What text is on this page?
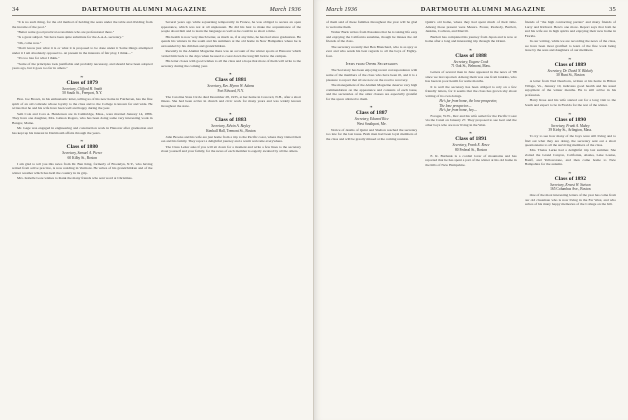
34	DARTMOUTH ALUMNI MAGAZINE	March 1936

"It is no such thing, for the old method of holding the seats under the table and dividing from the income of the pool."

"Better some good practical economists who are professional there."

"Is a great subject. We have been quite substitute for the A.A.A. secretary."

"Oh, come now."

"Don't know just what it is or what it is proposed to be done under it Some things attempted under it I am absolutely opposed to. At present in the interests of fair play, I think—"

"It's too late for what I think."

"Some of the principles look justifiable and probably necessary, and should have been adopted years ago, but it goes too far in others."

❧
Class of 1879
Secretary, Clifford H. Smith
50 South St., Freeport, N.Y.

Hon. Joe Brown, in his enthusiastic letter, telling us of his new home in Fairhaven, has the fine spirit of an old comrade whose loyalty to the class and to the College is known far and wide. He writes that he and his wife have been well and happy during the year.

Seth Cole and Cora A. Henderson are in Cambridge, Mass., were married January 14, 1886. They have one daughter, Mrs. Gideon Rogers, who has been doing some very interesting work in Bangor, Maine.

Mr. Gage was engaged in engineering and construction work in Hanover after graduation and has kept up his interest in Dartmouth affairs through the years.

❧
Class of 1880
Secretary, Samuel A. Pierce
60 Kilby St., Boston

I am glad to tell you this news from Dr. Ben King, formerly of Brooklyn, N.Y., who having retired from active practice, is now residing in Vermont. He writes of his grandchildren and of the winter weather which has held the country in its grip.

Mrs. Isabelle Gore wishes to thank the many friends who sent word at Christmas.

Several years ago while sojourning temporarily in France, he was obliged to secure an open appearance, which was not at all unpleasant. He did his best to make the acquaintance of the people about him and to learn the language as well as he could in so short a time.

His health is now very much better, as much as, if at any time, he has had since graduation. He spends his winters in the south and his summers at the old home in New Hampshire where he is surrounded by his children and grandchildren.

Recently in the Alumni Magazine there was an account of the winter sports at Hanover which carried him back to the days when he used to coast down the long hill below the campus.

His letter closes with good wishes to all the class and a hope that more of them will write to the secretary during the coming year.

❧
Class of 1881
Secretary, Rev. Myron W. Adams
Fort Edward, N.Y.

The Carolina State Circle died December 28, 1935, at her home in Concord, N.H., after a short illness. She had been active in church and civic work for many years and was widely known throughout the state.

❧
Class of 1883
Secretary, Edwin A. Bayley
Kimball Hall, Tremont St., Boston

John Brooks and his wife are just home from a trip to the Pacific coast, where they visited their son and his family. They report a delightful journey and a warm welcome everywhere.

The Class Letter asks if you will sit down for a moment and write a few lines to the secretary about yourself and your family, for the news of each member is eagerly awaited by all the others.

March 1936	DARTMOUTH ALUMNI MAGAZINE	35

of them said of these families throughout the year will be glad to welcome them.

Walter Buck writes from Pasadena that he is taking life easy and enjoying the California sunshine, though he misses the old friends of the class.

The secretary recently met Ben Blanchard, who is as spry as ever and who sends his best regards to all the boys of Eighty-four.

Items from Other Secretaries

The Secretary has been enjoying recent correspondence with some of the members of the class who have been ill, and it is a pleasure to report that all are now on the road to recovery.

The management of the Alumni Magazine deserve very high commendation on the appearance and contents of each issue, and the secretaries of the older classes are especially grateful for the space allotted to them.

❧
Class of 1887
Secretary, Edward Rice
West Southport, Me.

Notice of deaths of Quint and Shelton reached the secretary too late for the last issue. Both men had been loyal members of the class and will be greatly missed at the coming reunion.

Quint's old home, where they had spent much of their time. Among those present were Messrs. Foster, Peabody, Bartlett, Jenkins, Cochran, and Merrill.

Bartlett has completed his journey from Japan and is now at home after a long and interesting trip through the Orient.

❧
Class of 1888
Secretary, Eugene Cook
71 Oak St., Belmont, Mass.

Letters of several men in June appeared in the news of '88 since we last reported. Among them was one from Jenkins, who has been in poor health for some months.

It is well the secretary has been obliged to rely on a few friendly letters, for it seems that the class has grown shy about writing of its own doings.

He's far from home, the lone prospector,
The lone prospector—
He's far from home, hey—

Forager, W.W., Dev and his wife sailed for the Pacific Coast via the Canal on January 27. They proposed to see Gert and the other boys who are now living in the West.

❧
Class of 1891
Secretary, Frank E. Rowe
80 Federal St., Boston

E. R. Burbank is a cordial lover of mountains and has reported that he has spent a part of the winter at his old home in the hills of New Hampshire.

friends of "the high contracting parties" and many friends of Larry and Richard. Here's one more. Report says that both he and his wife are in high spirits and enjoying their new home in Florida.

In our writing, while we are recording the news of the class, we have been most gratified to learn of the fine work being done by the sons and daughters of our members.

❧
Class of 1889
Secretary, Dr. David N. Blakely
30 Hunt St., Boston

A letter from Ned Dearborn, written at his home in Hilton Village, Va., January 10, indicates good health and his usual enjoyment of the winter months. He is still active in his profession.

Harry Rose and his wife started out for a long visit to the South and expect to be in Florida for the rest of the winter.

❧
Class of 1890
Secretary, Frank A. Mabey
39 Kirby St., Arlington, Mass.

To try to see how many of the boys were still living and to find out what they are doing, the secretary sent out a short questionnaire to all the surviving members of the class.

Mrs. Theiss Lerke had a delightful trip last summer. She visited the Grand Canyon, California, Alaska, Lake Louise, Banff, and Yellowstone, and then came home to New Hampshire for the autumn.

❧
Class of 1892
Secretary, Ernest W. Stetson
165 Columbus Ave., Boston

One of the most interesting letters of the year has come from our old classmate who is now living in the Far West, and who writes of his many happy memories of the College on the hill.
